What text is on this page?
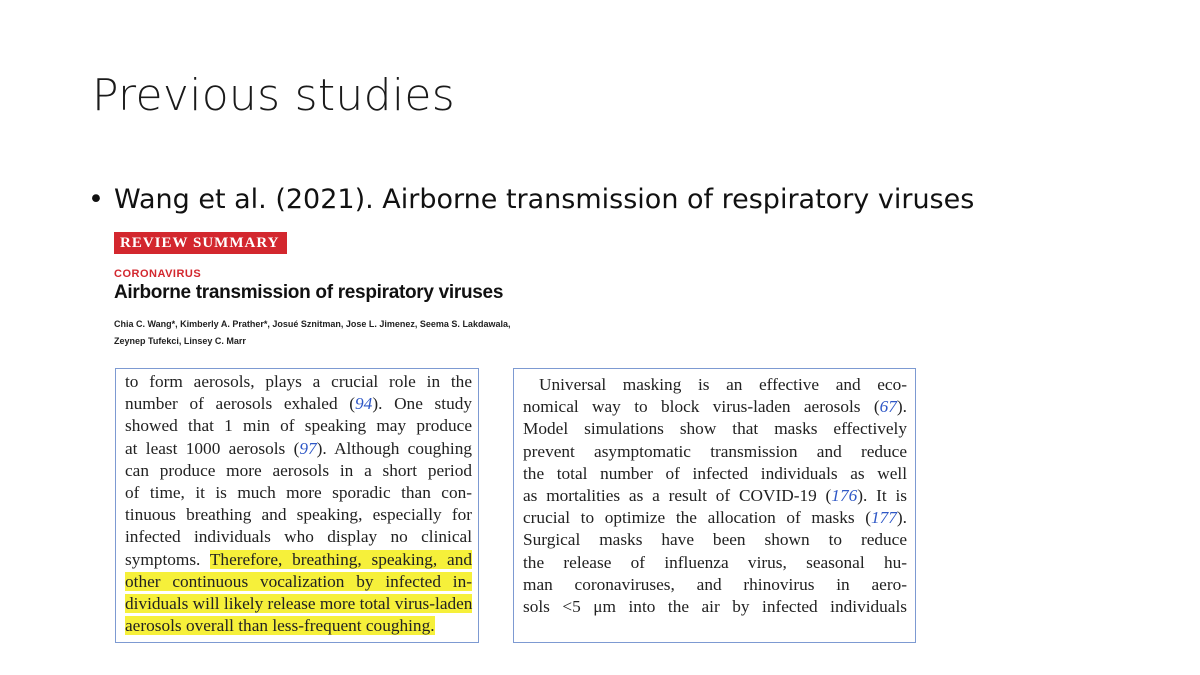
Previous studies
• Wang et al. (2021). Airborne transmission of respiratory viruses
REVIEW SUMMARY
CORONAVIRUS
Airborne transmission of respiratory viruses
Chia C. Wang*, Kimberly A. Prather*, Josué Sznitman, Jose L. Jimenez, Seema S. Lakdawala,
Zeynep Tufekci, Linsey C. Marr
to form aerosols, plays a crucial role in the
number of aerosols exhaled (94). One study
showed that 1 min of speaking may produce
at least 1000 aerosols (97). Although coughing
can produce more aerosols in a short period
of time, it is much more sporadic than con-
tinuous breathing and speaking, especially for
infected individuals who display no clinical
symptoms. Therefore, breathing, speaking, and
other continuous vocalization by infected in-
dividuals will likely release more total virus-laden
aerosols overall than less-frequent coughing.
Universal masking is an effective and eco-
nomical way to block virus-laden aerosols (67).
Model simulations show that masks effectively
prevent asymptomatic transmission and reduce
the total number of infected individuals as well
as mortalities as a result of COVID-19 (176). It is
crucial to optimize the allocation of masks (177).
Surgical masks have been shown to reduce
the release of influenza virus, seasonal hu-
man coronaviruses, and rhinovirus in aero-
sols <5 μm into the air by infected individuals
